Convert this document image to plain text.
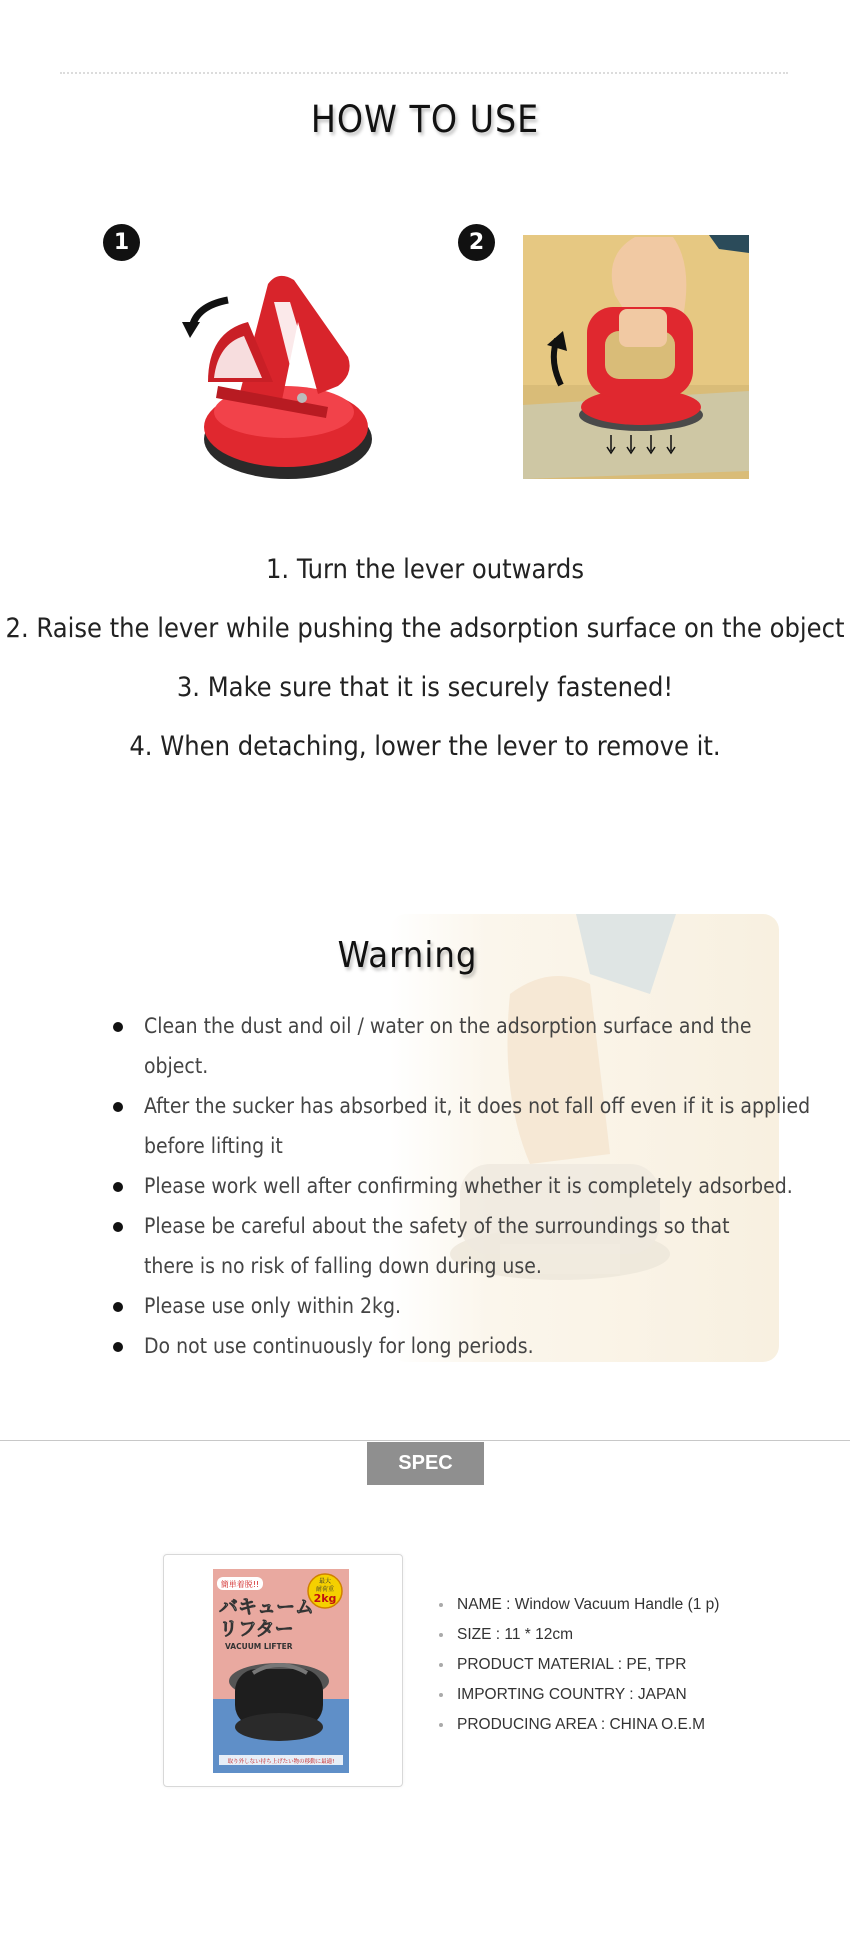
HOW TO USE
1	2
1. Turn the lever outwards
2. Raise the lever while pushing the adsorption surface on the object
3. Make sure that it is securely fastened!
4. When detaching, lower the lever to remove it.
Warning
Clean the dust and oil / water on the adsorption surface and the object.
After the sucker has absorbed it, it does not fall off even if it is applied before lifting it
Please work well after confirming whether it is completely adsorbed.
Please be careful about the safety of the surroundings so that there is no risk of falling down during use.
Please use only within 2kg.
Do not use continuously for long periods.
SPEC
簡単着脱!!	最大
耐荷重
2kg
バキューム
リフター
VACUUM LIFTER
取り外しない持ち上げたい物の移動に最適!
NAME : Window Vacuum Handle (1 p)
SIZE : 11 * 12cm
PRODUCT MATERIAL : PE, TPR
IMPORTING COUNTRY : JAPAN
PRODUCING AREA : CHINA O.E.M
